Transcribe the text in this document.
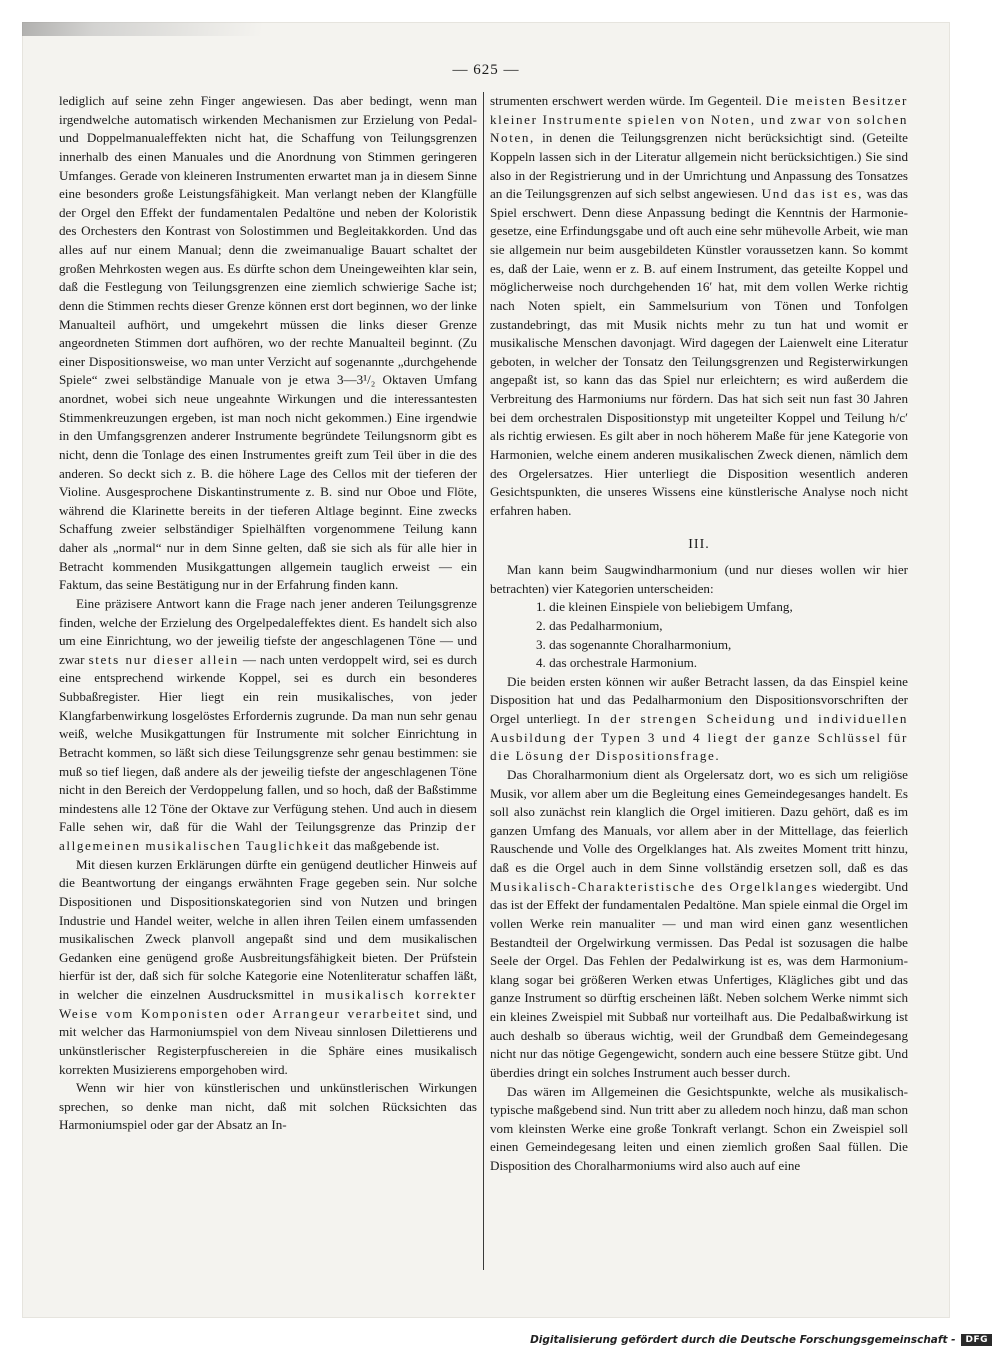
— 625 —

lediglich auf seine zehn Finger angewiesen. Das aber bedingt, wenn man irgendwelche automatisch wirkenden Mechanismen zur Erzielung von Pedal- und Doppelmanualeffekten nicht hat, die Schaffung von Teilungsgrenzen innerhalb des einen Manuales und die Anordnung von Stimmen geringeren Umfanges. Gerade von kleineren Instrumenten erwartet man ja in diesem Sinne eine besonders große Leistungsfähigkeit. Man verlangt neben der Klangfülle der Orgel den Effekt der fundamentalen Pedaltöne und neben der Koloristik des Orchesters den Kontrast von Solostimmen und Begleitakkorden. Und das alles auf nur einem Manual; denn die zweimanualige Bauart schaltet der großen Mehrkosten wegen aus. Es dürfte schon dem Uneingeweihten klar sein, daß die Festlegung von Teilungsgrenzen eine ziemlich schwierige Sache ist; denn die Stimmen rechts dieser Grenze können erst dort beginnen, wo der linke Manualteil aufhört, und umgekehrt müssen die links dieser Grenze angeordneten Stimmen dort aufhören, wo der rechte Manualteil beginnt. (Zu einer Dispositionsweise, wo man unter Verzicht auf sogenannte „durchgehende Spiele“ zwei selbständige Manuale von je etwa 3—3¹/₂ Oktaven Umfang anordnet, wobei sich neue ungeahnte Wirkungen und die interessantesten Stimmenkreuzungen ergeben, ist man noch nicht gekommen.) Eine irgendwie in den Umfangsgrenzen anderer Instrumente begründete Teilungsnorm gibt es nicht, denn die Tonlage des einen Instrumentes greift zum Teil über in die des anderen. So deckt sich z. B. die höhere Lage des Cellos mit der tieferen der Violine. Ausgesprochene Diskantinstrumente z. B. sind nur Oboe und Flöte, während die Klarinette bereits in der tieferen Altlage beginnt. Eine zwecks Schaffung zweier selbständiger Spielhälften vorgenommene Teilung kann daher als „normal“ nur in dem Sinne gelten, daß sie sich als für alle hier in Betracht kommenden Musikgattungen allgemein tauglich erweist — ein Faktum, das seine Bestätigung nur in der Erfahrung finden kann.

Eine präzisere Antwort kann die Frage nach jener anderen Teilungsgrenze finden, welche der Erzielung des Orgelpedaleffektes dient. Es handelt sich also um eine Einrichtung, wo der jeweilig tiefste der angeschlagenen Töne — und zwar stets nur dieser allein — nach unten verdoppelt wird, sei es durch eine entsprechend wirkende Koppel, sei es durch ein besonderes Subbaßregister. Hier liegt ein rein musikalisches, von jeder Klangfarbenwirkung losgelöstes Erfordernis zugrunde. Da man nun sehr genau weiß, welche Musikgattungen für Instrumente mit solcher Einrichtung in Betracht kommen, so läßt sich diese Teilungsgrenze sehr genau bestimmen: sie muß so tief liegen, daß andere als der jeweilig tiefste der angeschlagenen Töne nicht in den Bereich der Verdoppelung fallen, und so hoch, daß der Baßstimme mindestens alle 12 Töne der Oktave zur Verfügung stehen. Und auch in diesem Falle sehen wir, daß für die Wahl der Teilungsgrenze das Prinzip der allgemeinen musikalischen Tauglichkeit das maßgebende ist.

Mit diesen kurzen Erklärungen dürfte ein genügend deutlicher Hinweis auf die Beantwortung der eingangs erwähnten Frage gegeben sein. Nur solche Dispositionen und Dispositionskategorien sind von Nutzen und bringen Industrie und Handel weiter, welche in allen ihren Teilen einem umfassenden musikalischen Zweck planvoll angepaßt sind und dem musikalischen Gedanken eine genügend große Ausbreitungsfähigkeit bieten. Der Prüfstein hierfür ist der, daß sich für solche Kategorie eine Notenliteratur schaffen läßt, in welcher die einzelnen Ausdrucksmittel in musikalisch korrekter Weise vom Komponisten oder Arrangeur verarbeitet sind, und mit welcher das Harmoniumspiel von dem Niveau sinnlosen Dilettierens und unkünstlerischer Registerpfuschereien in die Sphäre eines musikalisch korrekten Musizierens emporgehoben wird.

Wenn wir hier von künstlerischen und unkünstlerischen Wirkungen sprechen, so denke man nicht, daß mit solchen Rücksichten das Harmoniumspiel oder gar der Absatz an In-

strumenten erschwert werden würde. Im Gegenteil. Die meisten Besitzer kleiner Instrumente spielen von Noten, und zwar von solchen Noten, in denen die Teilungsgrenzen nicht berücksichtigt sind. (Geteilte Koppeln lassen sich in der Literatur allgemein nicht berücksichtigen.) Sie sind also in der Registrierung und in der Umrichtung und Anpassung des Tonsatzes an die Teilungsgrenzen auf sich selbst angewiesen. Und das ist es, was das Spiel erschwert. Denn diese Anpassung bedingt die Kenntnis der Harmoniegesetze, eine Erfindungsgabe und oft auch eine sehr mühevolle Arbeit, wie man sie allgemein nur beim ausgebildeten Künstler voraussetzen kann. So kommt es, daß der Laie, wenn er z. B. auf einem Instrument, das geteilte Koppel und möglicherweise noch durchgehenden 16′ hat, mit dem vollen Werke richtig nach Noten spielt, ein Sammelsurium von Tönen und Tonfolgen zustandebringt, das mit Musik nichts mehr zu tun hat und womit er musikalische Menschen davonjagt. Wird dagegen der Laienwelt eine Literatur geboten, in welcher der Tonsatz den Teilungsgrenzen und Registerwirkungen angepaßt ist, so kann das das Spiel nur erleichtern; es wird außerdem die Verbreitung des Harmoniums nur fördern. Das hat sich seit nun fast 30 Jahren bei dem orchestralen Dispositionstyp mit ungeteilter Koppel und Teilung h/c′ als richtig erwiesen. Es gilt aber in noch höherem Maße für jene Kategorie von Harmonien, welche einem anderen musikalischen Zweck dienen, nämlich dem des Orgelersatzes. Hier unterliegt die Disposition wesentlich anderen Gesichtspunkten, die unseres Wissens eine künstlerische Analyse noch nicht erfahren haben.

III.

Man kann beim Saugwindharmonium (und nur dieses wollen wir hier betrachten) vier Kategorien unterscheiden:

1. die kleinen Einspiele von beliebigem Umfang,
2. das Pedalharmonium,
3. das sogenannte Choralharmonium,
4. das orchestrale Harmonium.

Die beiden ersten können wir außer Betracht lassen, da das Einspiel keine Disposition hat und das Pedalharmonium den Dispositionsvorschriften der Orgel unterliegt. In der strengen Scheidung und individuellen Ausbildung der Typen 3 und 4 liegt der ganze Schlüssel für die Lösung der Dispositionsfrage.

Das Choralharmonium dient als Orgelersatz dort, wo es sich um religiöse Musik, vor allem aber um die Begleitung eines Gemeindegesanges handelt. Es soll also zunächst rein klanglich die Orgel imitieren. Dazu gehört, daß es im ganzen Umfang des Manuals, vor allem aber in der Mittellage, das feierlich Rauschende und Volle des Orgelklanges hat. Als zweites Moment tritt hinzu, daß es die Orgel auch in dem Sinne vollständig ersetzen soll, daß es das Musikalisch-Charakteristische des Orgelklanges wiedergibt. Und das ist der Effekt der fundamentalen Pedaltöne. Man spiele einmal die Orgel im vollen Werke rein manualiter — und man wird einen ganz wesentlichen Bestandteil der Orgelwirkung vermissen. Das Pedal ist sozusagen die halbe Seele der Orgel. Das Fehlen der Pedalwirkung ist es, was dem Harmoniumklang sogar bei größeren Werken etwas Unfertiges, Klägliches gibt und das ganze Instrument so dürftig erscheinen läßt. Neben solchem Werke nimmt sich ein kleines Zweispiel mit Subbaß nur vorteilhaft aus. Die Pedalbaßwirkung ist auch deshalb so überaus wichtig, weil der Grundbaß dem Gemeindegesang nicht nur das nötige Gegengewicht, sondern auch eine bessere Stütze gibt. Und überdies dringt ein solches Instrument auch besser durch.

Das wären im Allgemeinen die Gesichtspunkte, welche als musikalisch-typische maßgebend sind. Nun tritt aber zu alledem noch hinzu, daß man schon vom kleinsten Werke eine große Tonkraft verlangt. Schon ein Zweispiel soll einen Gemeindegesang leiten und einen ziemlich großen Saal füllen. Die Disposition des Choralharmoniums wird also auch auf eine

Digitalisierung gefördert durch die Deutsche Forschungsgemeinschaft -	DFG
